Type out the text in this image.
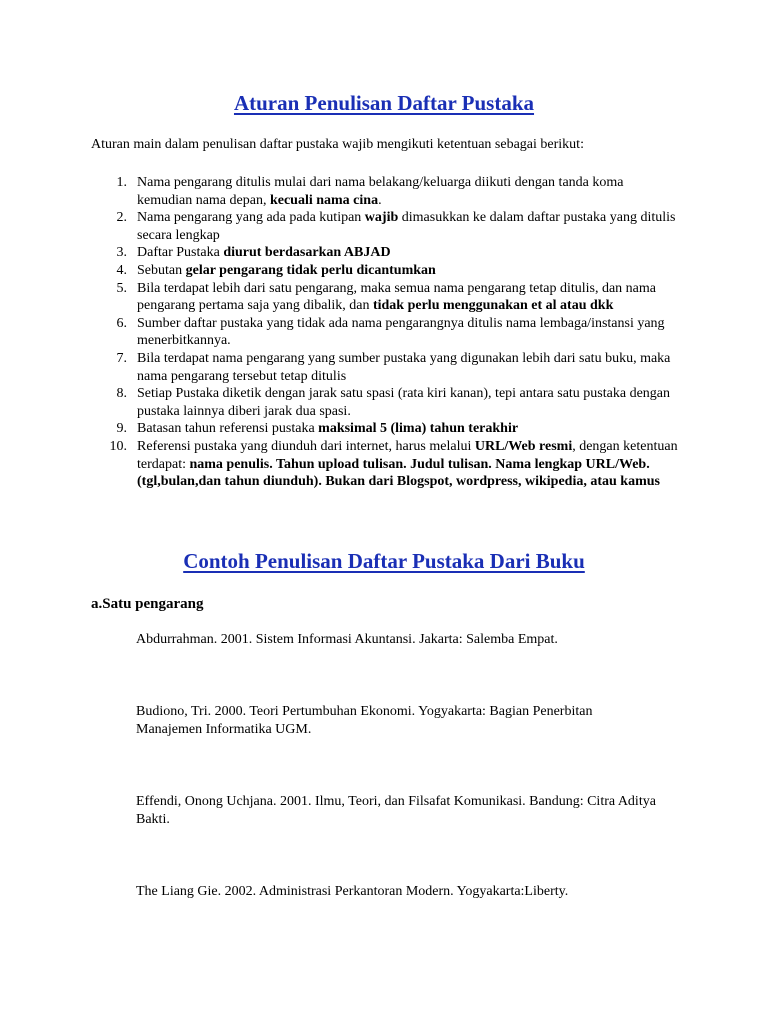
Aturan Penulisan Daftar Pustaka

Aturan main dalam penulisan daftar pustaka wajib mengikuti ketentuan sebagai berikut:

1. Nama pengarang ditulis mulai dari nama belakang/keluarga diikuti dengan tanda koma kemudian nama depan, kecuali nama cina.
2. Nama pengarang yang ada pada kutipan wajib dimasukkan ke dalam daftar pustaka yang ditulis secara lengkap
3. Daftar Pustaka diurut berdasarkan ABJAD
4. Sebutan gelar pengarang tidak perlu dicantumkan
5. Bila terdapat lebih dari satu pengarang, maka semua nama pengarang tetap ditulis, dan nama pengarang pertama saja yang dibalik, dan tidak perlu menggunakan et al atau dkk
6. Sumber daftar pustaka yang tidak ada nama pengarangnya ditulis nama lembaga/instansi yang menerbitkannya.
7. Bila terdapat nama pengarang yang sumber pustaka yang digunakan lebih dari satu buku, maka nama pengarang tersebut tetap ditulis
8. Setiap Pustaka diketik dengan jarak satu spasi (rata kiri kanan), tepi antara satu pustaka dengan pustaka lainnya diberi jarak dua spasi.
9. Batasan tahun referensi pustaka maksimal 5 (lima) tahun terakhir
10. Referensi pustaka yang diunduh dari internet, harus melalui URL/Web resmi, dengan ketentuan terdapat: nama penulis. Tahun upload tulisan. Judul tulisan. Nama lengkap URL/Web. (tgl,bulan,dan tahun diunduh). Bukan dari Blogspot, wordpress, wikipedia, atau kamus
Contoh Penulisan Daftar Pustaka Dari Buku

a.Satu pengarang

Abdurrahman. 2001. Sistem Informasi Akuntansi. Jakarta: Salemba Empat.

Budiono, Tri. 2000. Teori Pertumbuhan Ekonomi. Yogyakarta: Bagian Penerbitan Manajemen Informatika UGM.

Effendi, Onong Uchjana. 2001. Ilmu, Teori, dan Filsafat Komunikasi. Bandung: Citra Aditya Bakti.

The Liang Gie. 2002. Administrasi Perkantoran Modern. Yogyakarta:Liberty.
